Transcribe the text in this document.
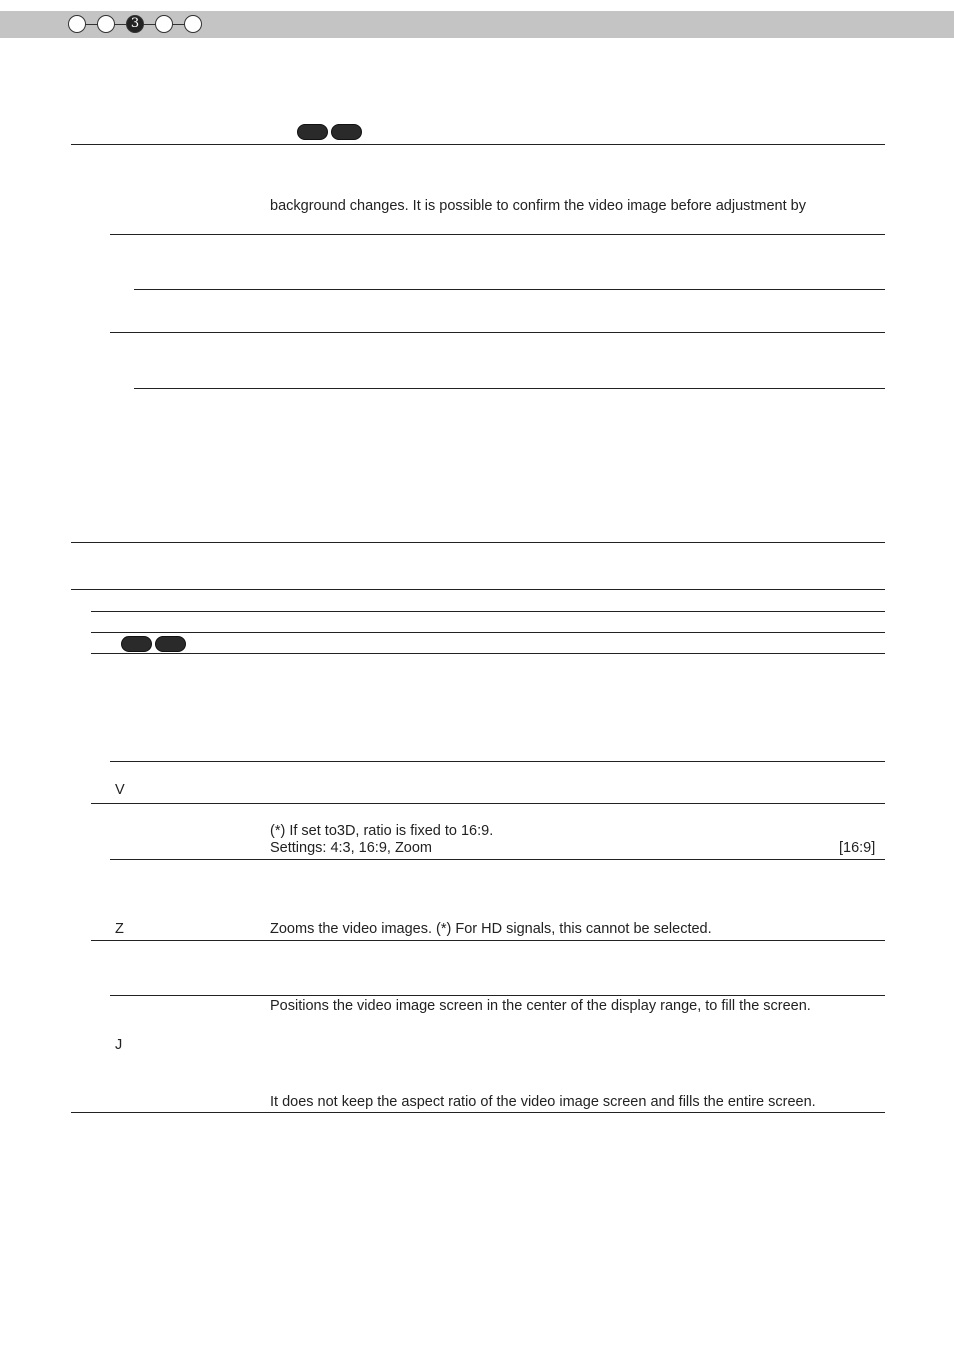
3
background changes. It is possible to confirm the video image before adjustment by
V
(*) If set to3D, ratio is fixed to 16:9.
Settings: 4:3, 16:9, Zoom	[16:9]
Z	Zooms the video images. (*) For HD signals, this cannot be selected.
Positions the video image screen in the center of the display range, to fill the screen.
J
It does not keep the aspect ratio of the video image screen and fills the entire screen.
